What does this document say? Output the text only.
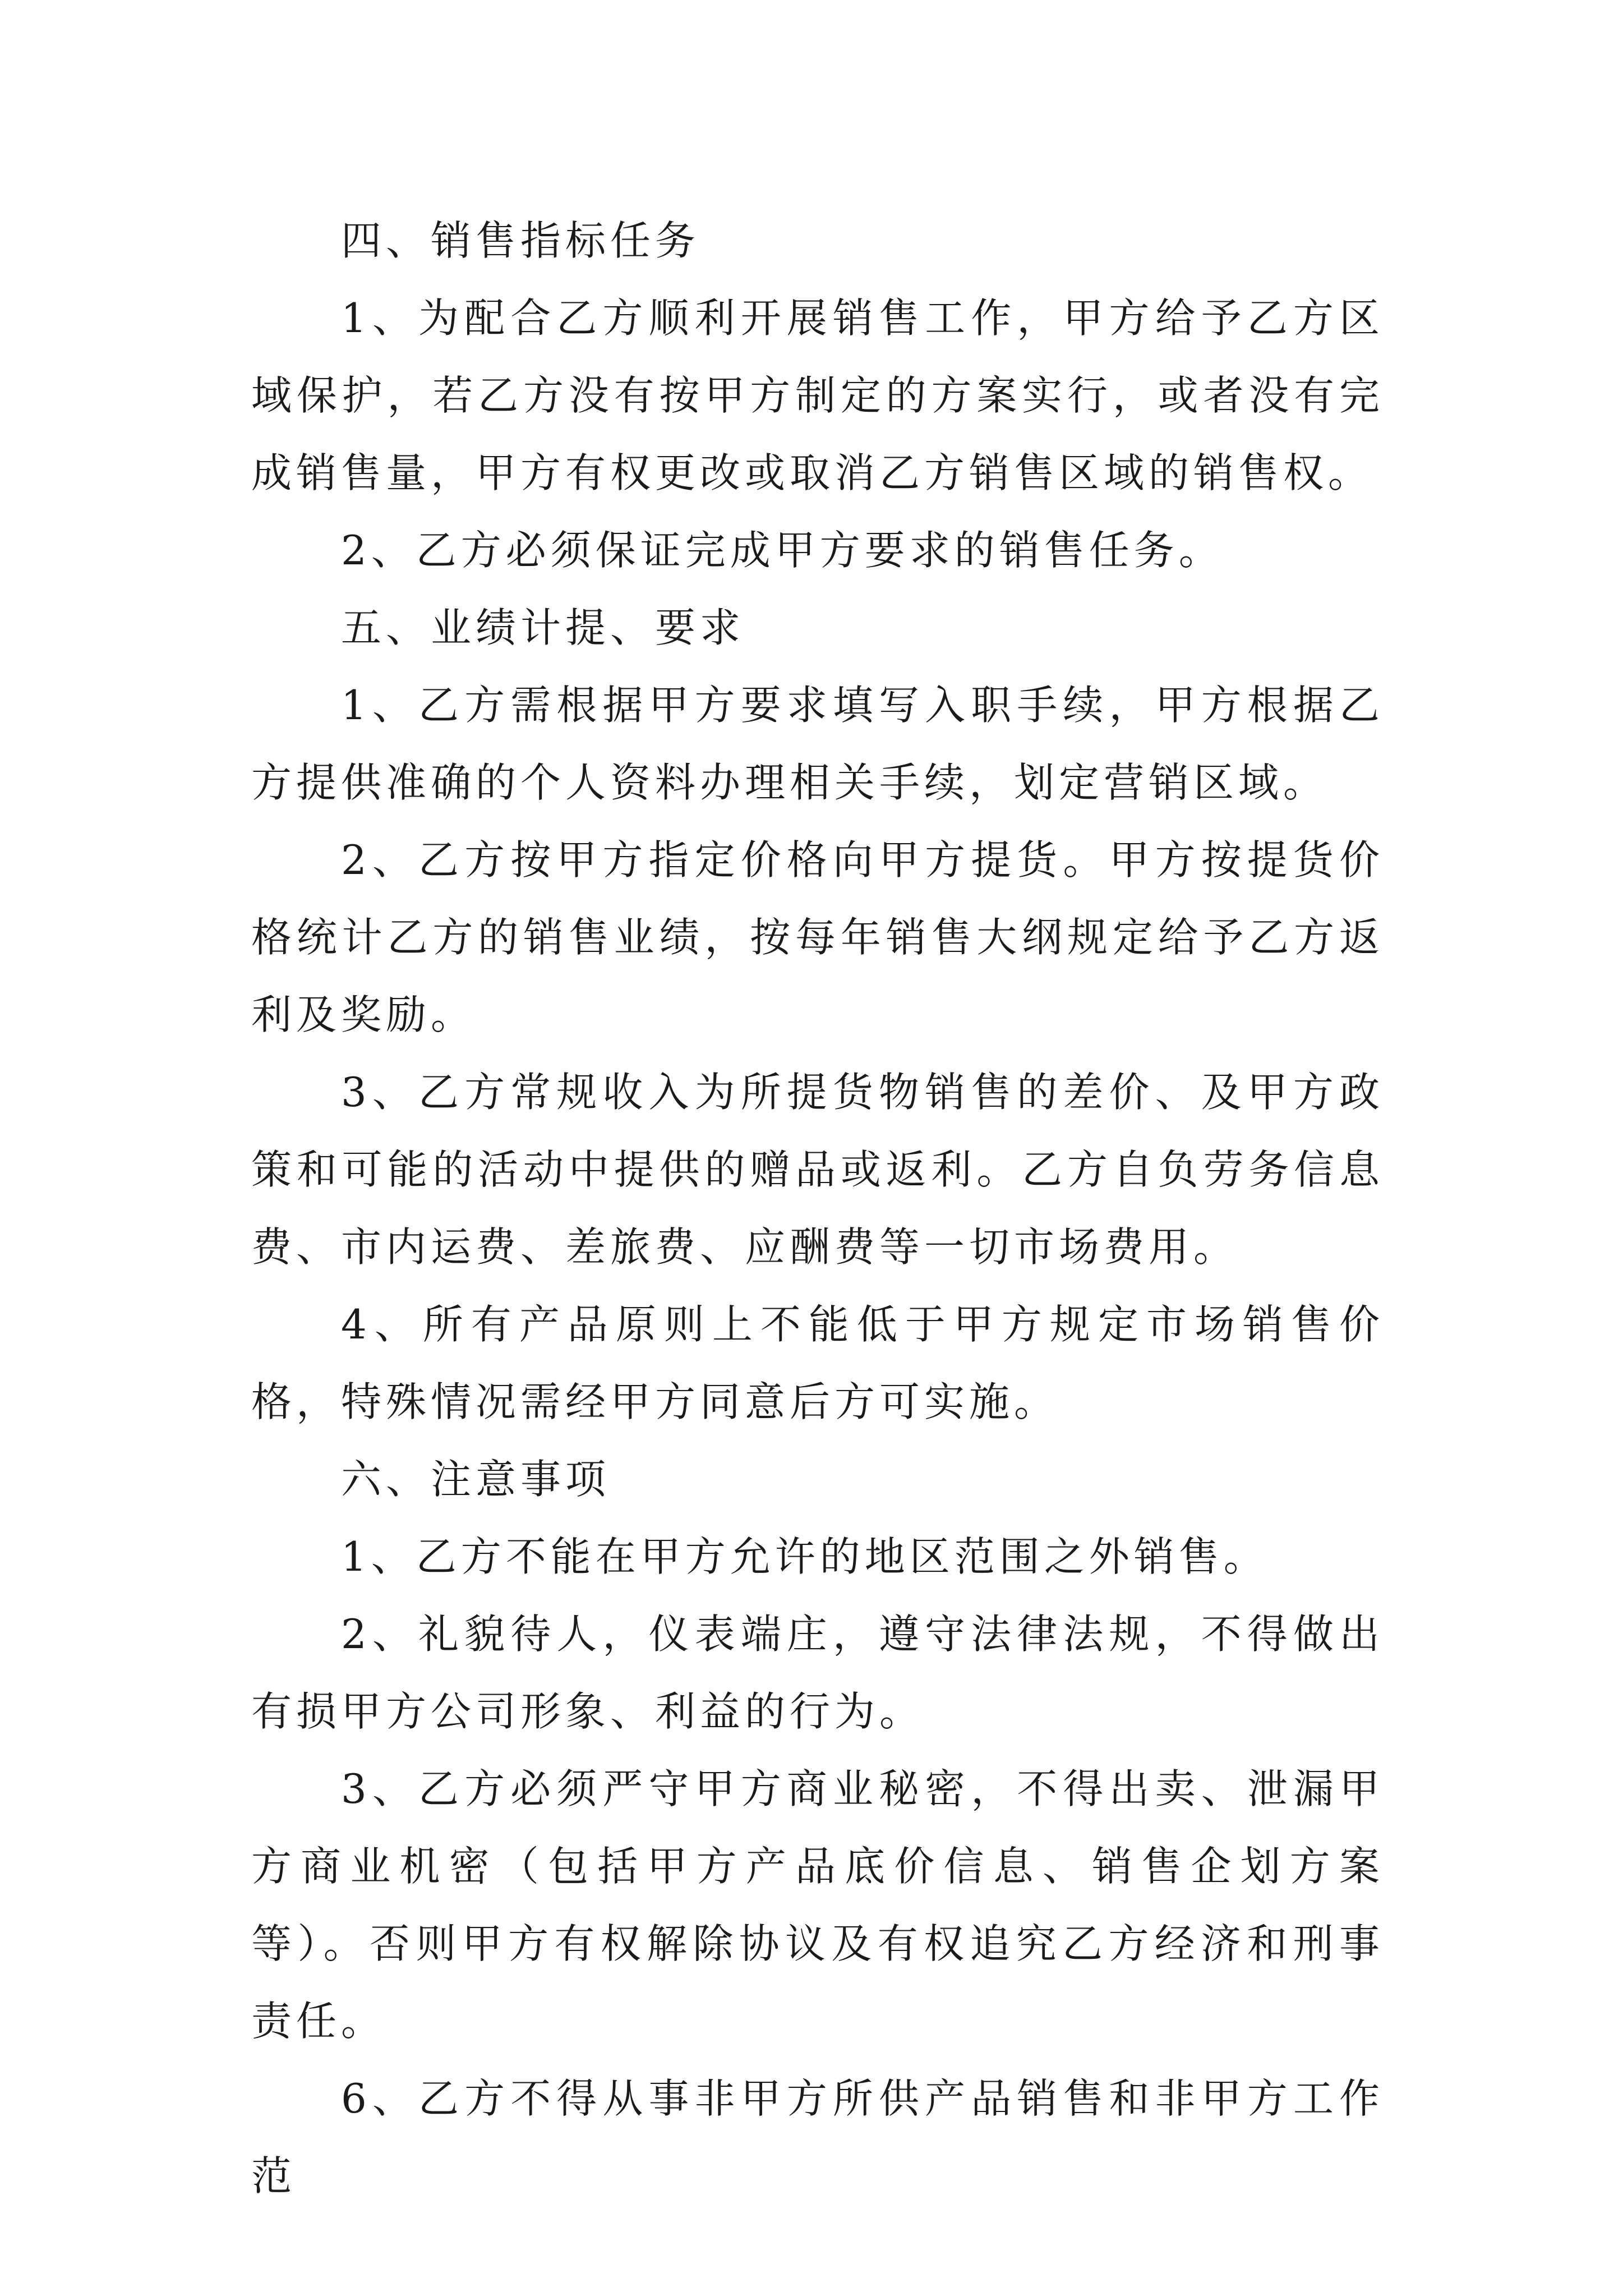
四、销售指标任务

1、为配合乙方顺利开展销售工作，甲方给予乙方区域保护，若乙方没有按甲方制定的方案实行，或者没有完成销售量，甲方有权更改或取消乙方销售区域的销售权。

2、乙方必须保证完成甲方要求的销售任务。

五、业绩计提、要求

1、乙方需根据甲方要求填写入职手续，甲方根据乙方提供准确的个人资料办理相关手续，划定营销区域。

2、乙方按甲方指定价格向甲方提货。甲方按提货价格统计乙方的销售业绩，按每年销售大纲规定给予乙方返利及奖励。

3、乙方常规收入为所提货物销售的差价、及甲方政策和可能的活动中提供的赠品或返利。乙方自负劳务信息费、市内运费、差旅费、应酬费等一切市场费用。

4、所有产品原则上不能低于甲方规定市场销售价格，特殊情况需经甲方同意后方可实施。

六、注意事项

1、乙方不能在甲方允许的地区范围之外销售。

2、礼貌待人，仪表端庄，遵守法律法规，不得做出有损甲方公司形象、利益的行为。

3、乙方必须严守甲方商业秘密，不得出卖、泄漏甲方商业机密（包括甲方产品底价信息、销售企划方案等）。否则甲方有权解除协议及有权追究乙方经济和刑事责任。

6、乙方不得从事非甲方所供产品销售和非甲方工作范
